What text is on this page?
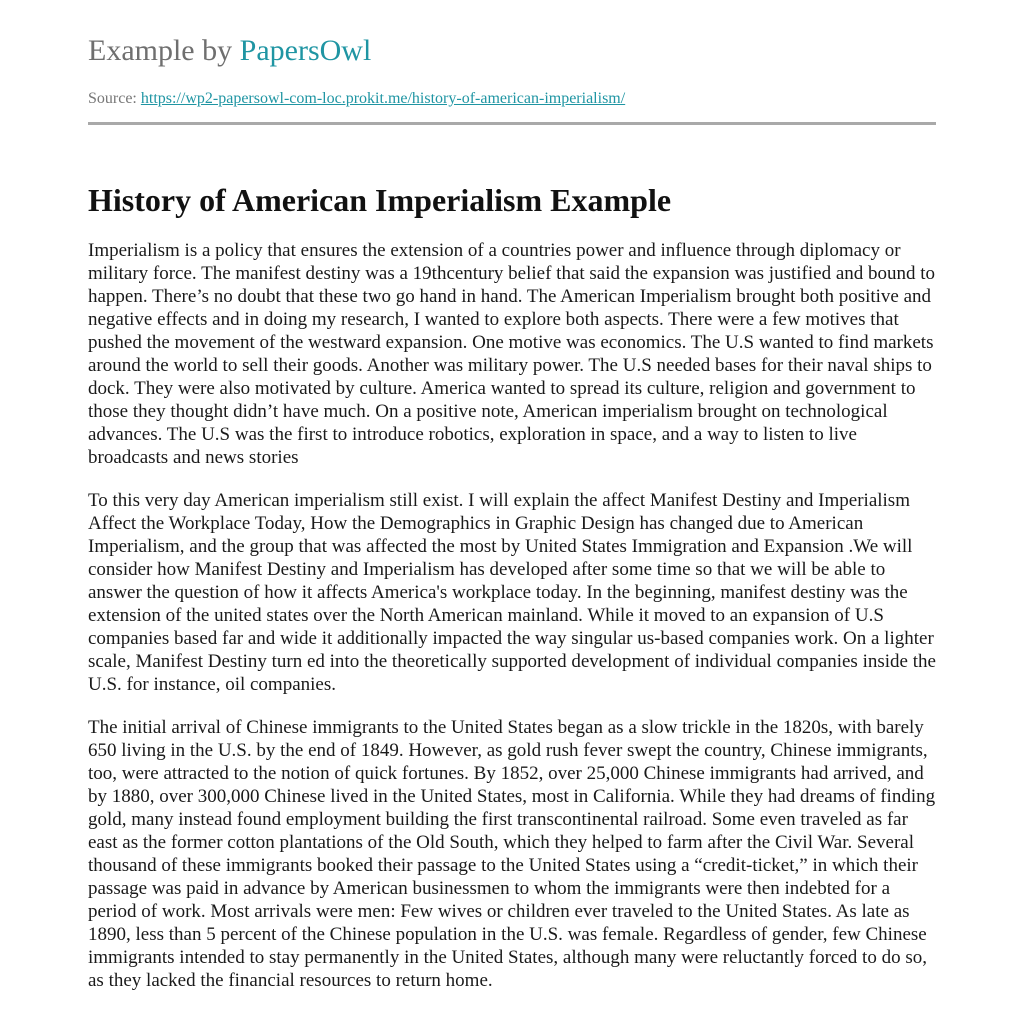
Example by PapersOwl
Source: https://wp2-papersowl-com-loc.prokit.me/history-of-american-imperialism/
History of American Imperialism Example

Imperialism is a policy that ensures the extension of a countries power and influence through diplomacy or military force. The manifest destiny was a 19thcentury belief that said the expansion was justified and bound to happen. There’s no doubt that these two go hand in hand. The American Imperialism brought both positive and negative effects and in doing my research, I wanted to explore both aspects. There were a few motives that pushed the movement of the westward expansion. One motive was economics. The U.S wanted to find markets around the world to sell their goods. Another was military power. The U.S needed bases for their naval ships to dock. They were also motivated by culture. America wanted to spread its culture, religion and government to those they thought didn’t have much. On a positive note, American imperialism brought on technological advances. The U.S was the first to introduce robotics, exploration in space, and a way to listen to live broadcasts and news stories

To this very day American imperialism still exist. I will explain the affect Manifest Destiny and Imperialism Affect the Workplace Today, How the Demographics in Graphic Design has changed due to American Imperialism, and the group that was affected the most by United States Immigration and Expansion .We will consider how Manifest Destiny and Imperialism has developed after some time so that we will be able to answer the question of how it affects America's workplace today. In the beginning, manifest destiny was the extension of the united states over the North American mainland. While it moved to an expansion of U.S companies based far and wide it additionally impacted the way singular us-based companies work. On a lighter scale, Manifest Destiny turn ed into the theoretically supported development of individual companies inside the U.S. for instance, oil companies.

The initial arrival of Chinese immigrants to the United States began as a slow trickle in the 1820s, with barely 650 living in the U.S. by the end of 1849. However, as gold rush fever swept the country, Chinese immigrants, too, were attracted to the notion of quick fortunes. By 1852, over 25,000 Chinese immigrants had arrived, and by 1880, over 300,000 Chinese lived in the United States, most in California. While they had dreams of finding gold, many instead found employment building the first transcontinental railroad. Some even traveled as far east as the former cotton plantations of the Old South, which they helped to farm after the Civil War. Several thousand of these immigrants booked their passage to the United States using a “credit-ticket,” in which their passage was paid in advance by American businessmen to whom the immigrants were then indebted for a period of work. Most arrivals were men: Few wives or children ever traveled to the United States. As late as 1890, less than 5 percent of the Chinese population in the U.S. was female. Regardless of gender, few Chinese immigrants intended to stay permanently in the United States, although many were reluctantly forced to do so, as they lacked the financial resources to return home.
